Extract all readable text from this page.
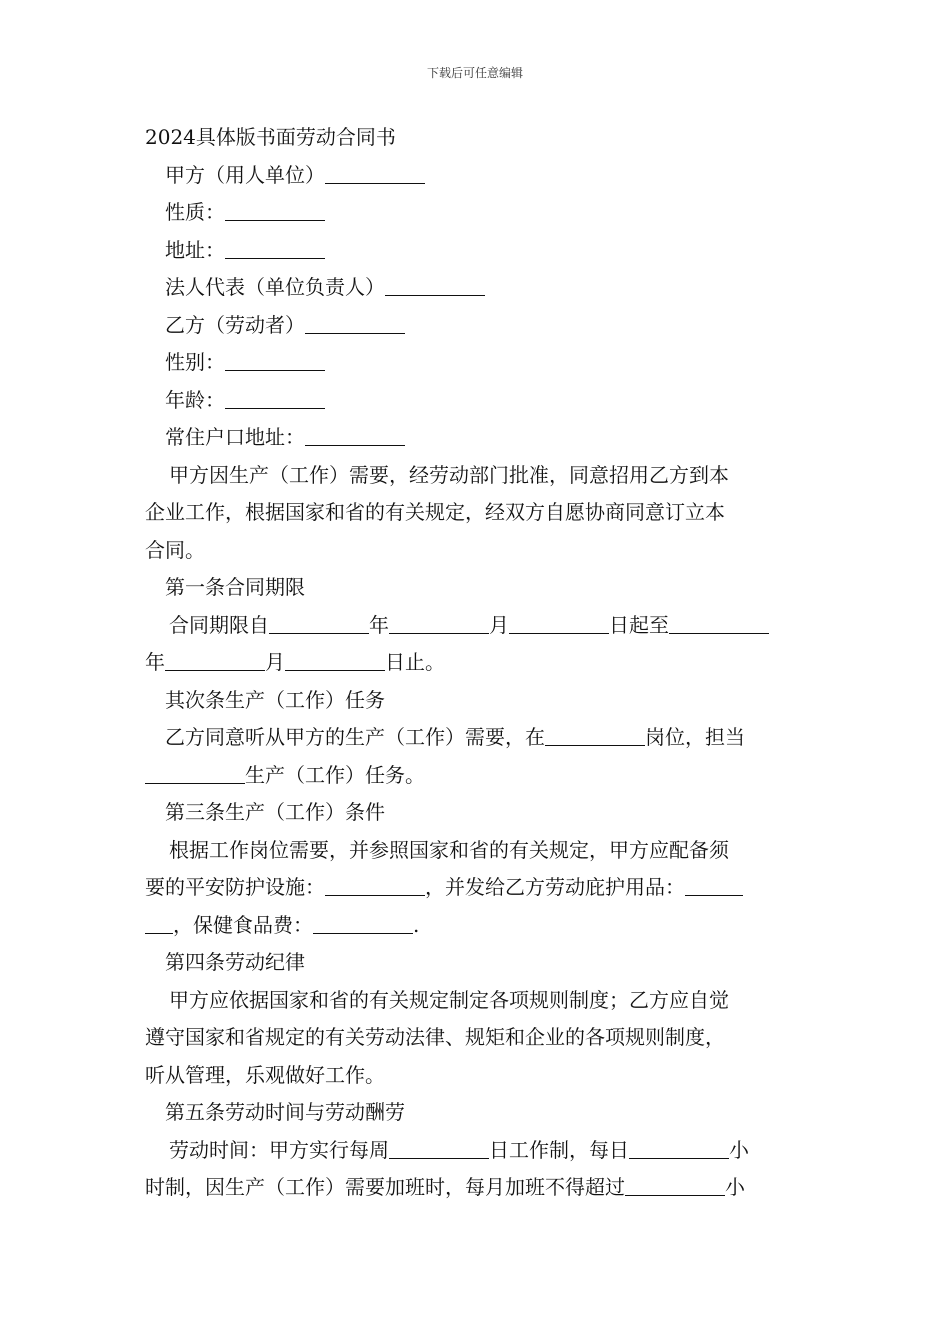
下载后可任意编辑
2024具体版书面劳动合同书
甲方（用人单位）
性质：
地址：
法人代表（单位负责人）
乙方（劳动者）
性别：
年龄：
常住户口地址：
甲方因生产（工作）需要，经劳动部门批准，同意招用乙方到本
企业工作，根据国家和省的有关规定，经双方自愿协商同意订立本
合同。
第一条合同期限
合同期限自	年	月	日起至
年	月	日止。
其次条生产（工作）任务
乙方同意听从甲方的生产（工作）需要，在	岗位，担当
生产（工作）任务。
第三条生产（工作）条件
根据工作岗位需要，并参照国家和省的有关规定，甲方应配备须
要的平安防护设施：	，并发给乙方劳动庇护用品：
，保健食品费：	.
第四条劳动纪律
甲方应依据国家和省的有关规定制定各项规则制度；乙方应自觉
遵守国家和省规定的有关劳动法律、规矩和企业的各项规则制度，
听从管理，乐观做好工作。
第五条劳动时间与劳动酬劳
劳动时间：甲方实行每周	日工作制，每日	小
时制，因生产（工作）需要加班时，每月加班不得超过	小
